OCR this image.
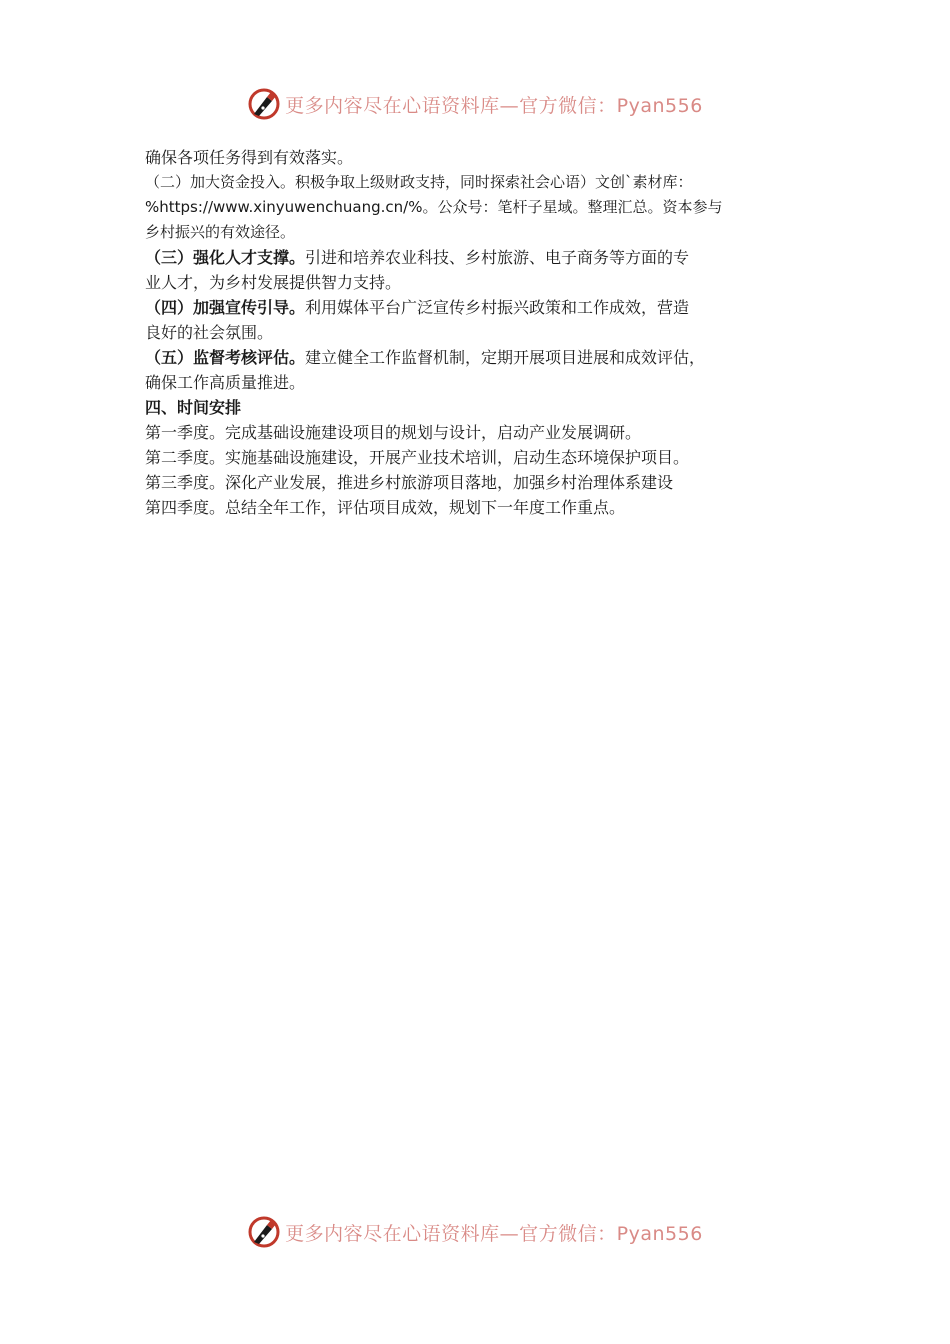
更多内容尽在心语资料库—官方微信：Pyan556
确保各项任务得到有效落实。
（二）加大资金投入。积极争取上级财政支持，同时探索社会心语）文创`素材库：
%https://www.xinyuwenchuang.cn/%。公众号：笔杆子星域。整理汇总。资本参与
乡村振兴的有效途径。
（三）强化人才支撑。引进和培养农业科技、乡村旅游、电子商务等方面的专
业人才，为乡村发展提供智力支持。
（四）加强宣传引导。利用媒体平台广泛宣传乡村振兴政策和工作成效，营造
良好的社会氛围。
（五）监督考核评估。建立健全工作监督机制，定期开展项目进展和成效评估，
确保工作高质量推进。
四、时间安排
第一季度。完成基础设施建设项目的规划与设计，启动产业发展调研。
第二季度。实施基础设施建设，开展产业技术培训，启动生态环境保护项目。
第三季度。深化产业发展，推进乡村旅游项目落地，加强乡村治理体系建设
第四季度。总结全年工作，评估项目成效，规划下一年度工作重点。
更多内容尽在心语资料库—官方微信：Pyan556
